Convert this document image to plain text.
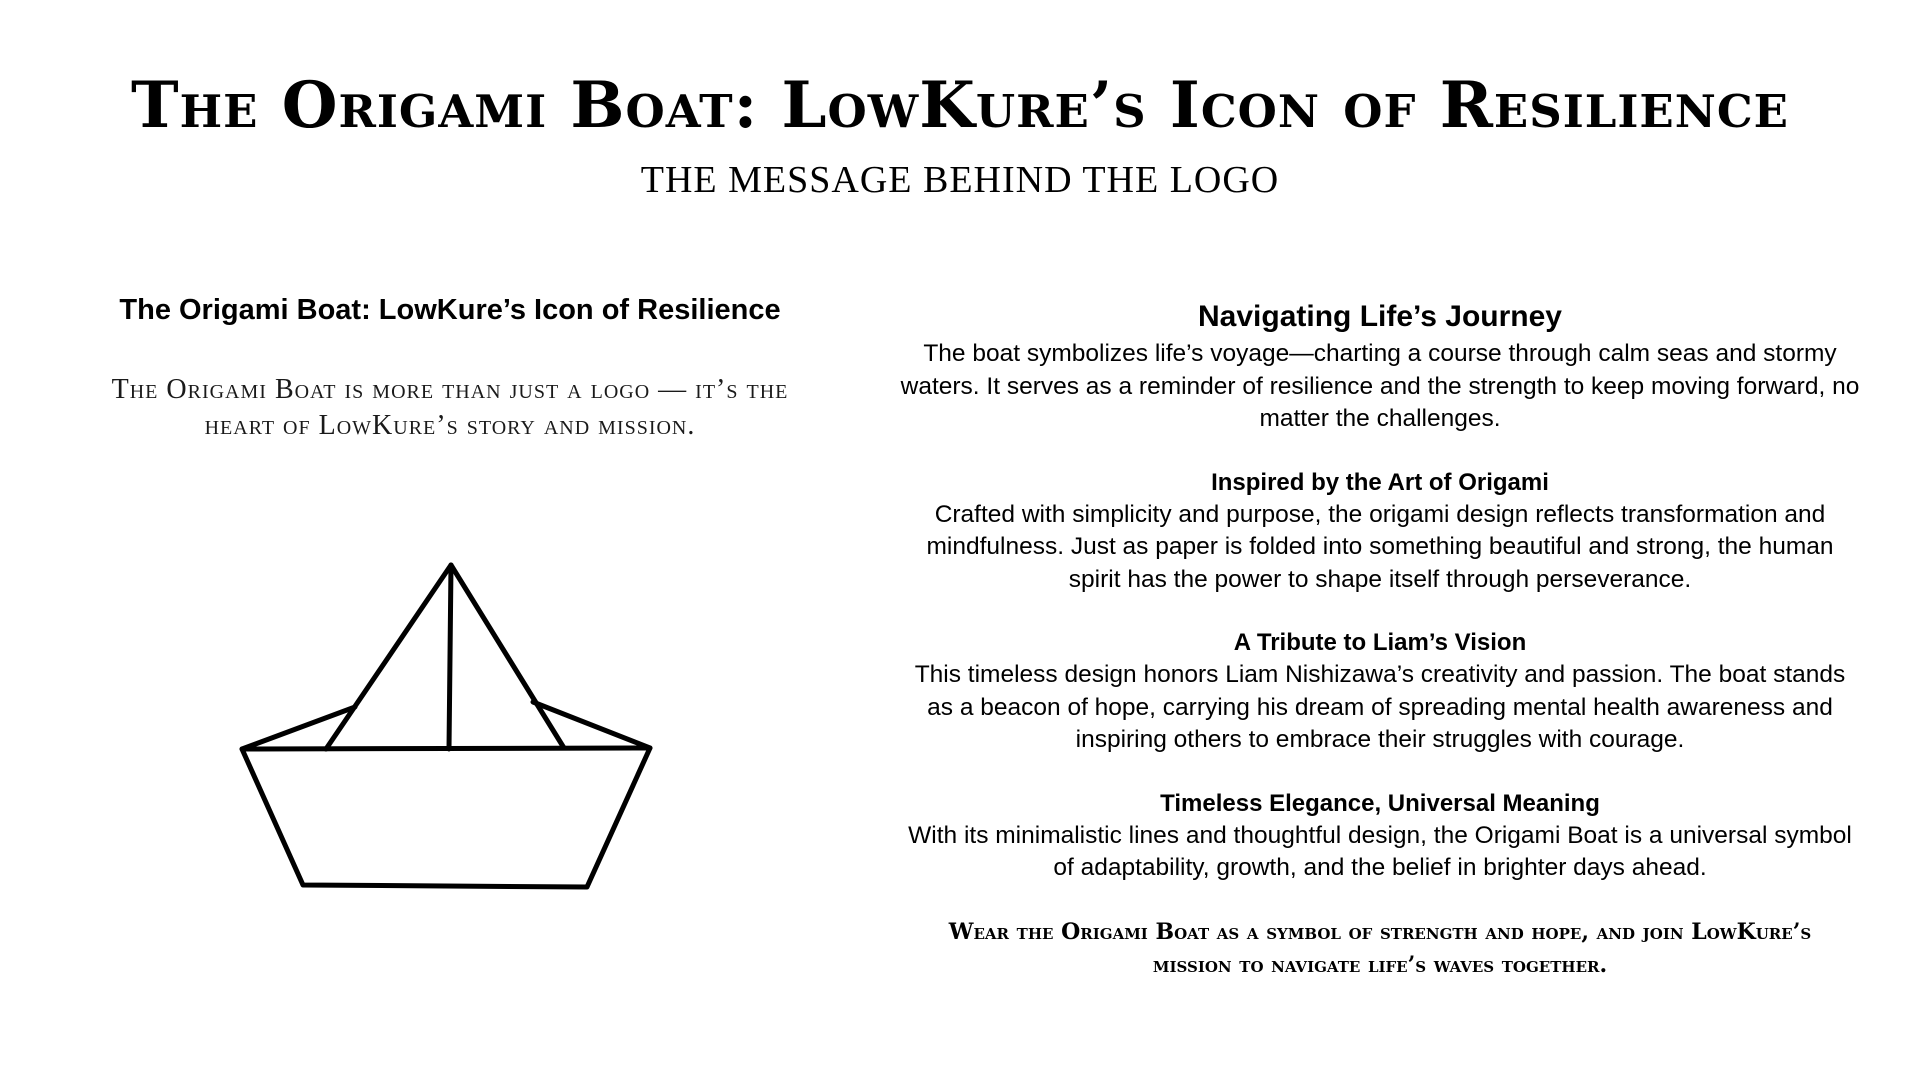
The Origami Boat: LowKure’s Icon of Resilience
THE MESSAGE BEHIND THE LOGO
The Origami Boat: LowKure’s Icon of Resilience
The Origami Boat is more than just a logo — it’s the heart of LowKure’s story and mission.
Navigating Life’s Journey

The boat symbolizes life’s voyage—charting a course through calm seas and stormy waters. It serves as a reminder of resilience and the strength to keep moving forward, no matter the challenges.

Inspired by the Art of Origami

Crafted with simplicity and purpose, the origami design reflects transformation and mindfulness. Just as paper is folded into something beautiful and strong, the human spirit has the power to shape itself through perseverance.

A Tribute to Liam’s Vision

This timeless design honors Liam Nishizawa’s creativity and passion. The boat stands as a beacon of hope, carrying his dream of spreading mental health awareness and inspiring others to embrace their struggles with courage.

Timeless Elegance, Universal Meaning

With its minimalistic lines and thoughtful design, the Origami Boat is a universal symbol of adaptability, growth, and the belief in brighter days ahead.

Wear the Origami Boat as a symbol of strength and hope, and join LowKure’s mission to navigate life’s waves together.
